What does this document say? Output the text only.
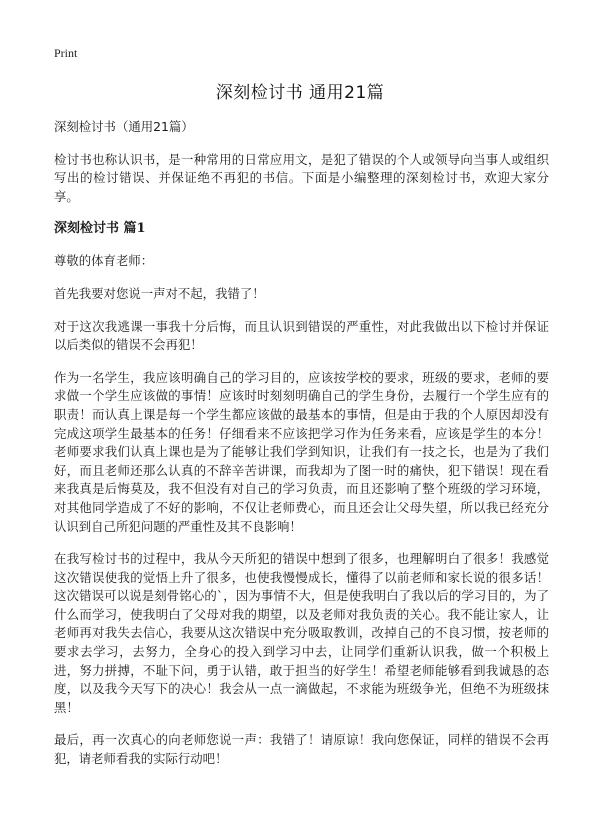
Print
深刻检讨书 通用21篇

深刻检讨书（通用21篇）

检讨书也称认识书，是一种常用的日常应用文，是犯了错误的个人或领导向当事人或组织写出的检讨错误、并保证绝不再犯的书信。下面是小编整理的深刻检讨书，欢迎大家分享。

深刻检讨书 篇1

尊敬的体育老师：

首先我要对您说一声对不起，我错了！

对于这次我逃课一事我十分后悔，而且认识到错误的严重性，对此我做出以下检讨并保证以后类似的错误不会再犯！

作为一名学生，我应该明确自己的学习目的，应该按学校的要求，班级的要求，老师的要求做一个学生应该做的事情！应该时时刻刻明确自己的学生身份，去履行一个学生应有的职责！而认真上课是每一个学生都应该做的最基本的事情，但是由于我的个人原因却没有完成这项学生最基本的任务！仔细看来不应该把学习作为任务来看，应该是学生的本分！老师要求我们认真上课也是为了能够让我们学到知识，让我们有一技之长，也是为了我们好，而且老师还那么认真的不辞辛苦讲课，而我却为了图一时的痛快，犯下错误！现在看来我真是后悔莫及，我不但没有对自己的学习负责，而且还影响了整个班级的学习环境，对其他同学造成了不好的影响，不仅让老师费心，而且还会让父母失望，所以我已经充分认识到自己所犯问题的严重性及其不良影响！

在我写检讨书的过程中，我从今天所犯的错误中想到了很多，也理解明白了很多！我感觉这次错误使我的觉悟上升了很多，也使我慢慢成长，懂得了以前老师和家长说的很多话！这次错误可以说是刻骨铭心的`，因为事情不大，但是使我明白了我以后的学习目的，为了什么而学习，使我明白了父母对我的期望，以及老师对我负责的关心。我不能让家人，让老师再对我失去信心，我要从这次错误中充分吸取教训，改掉自己的不良习惯，按老师的要求去学习，去努力，全身心的投入到学习中去，让同学们重新认识我，做一个积极上进，努力拼搏，不耻下问，勇于认错，敢于担当的好学生！希望老师能够看到我诚恳的态度，以及我今天写下的决心！我会从一点一滴做起，不求能为班级争光，但绝不为班级抹黑！

最后，再一次真心的向老师您说一声：我错了！请原谅！我向您保证，同样的错误不会再犯，请老师看我的实际行动吧！
